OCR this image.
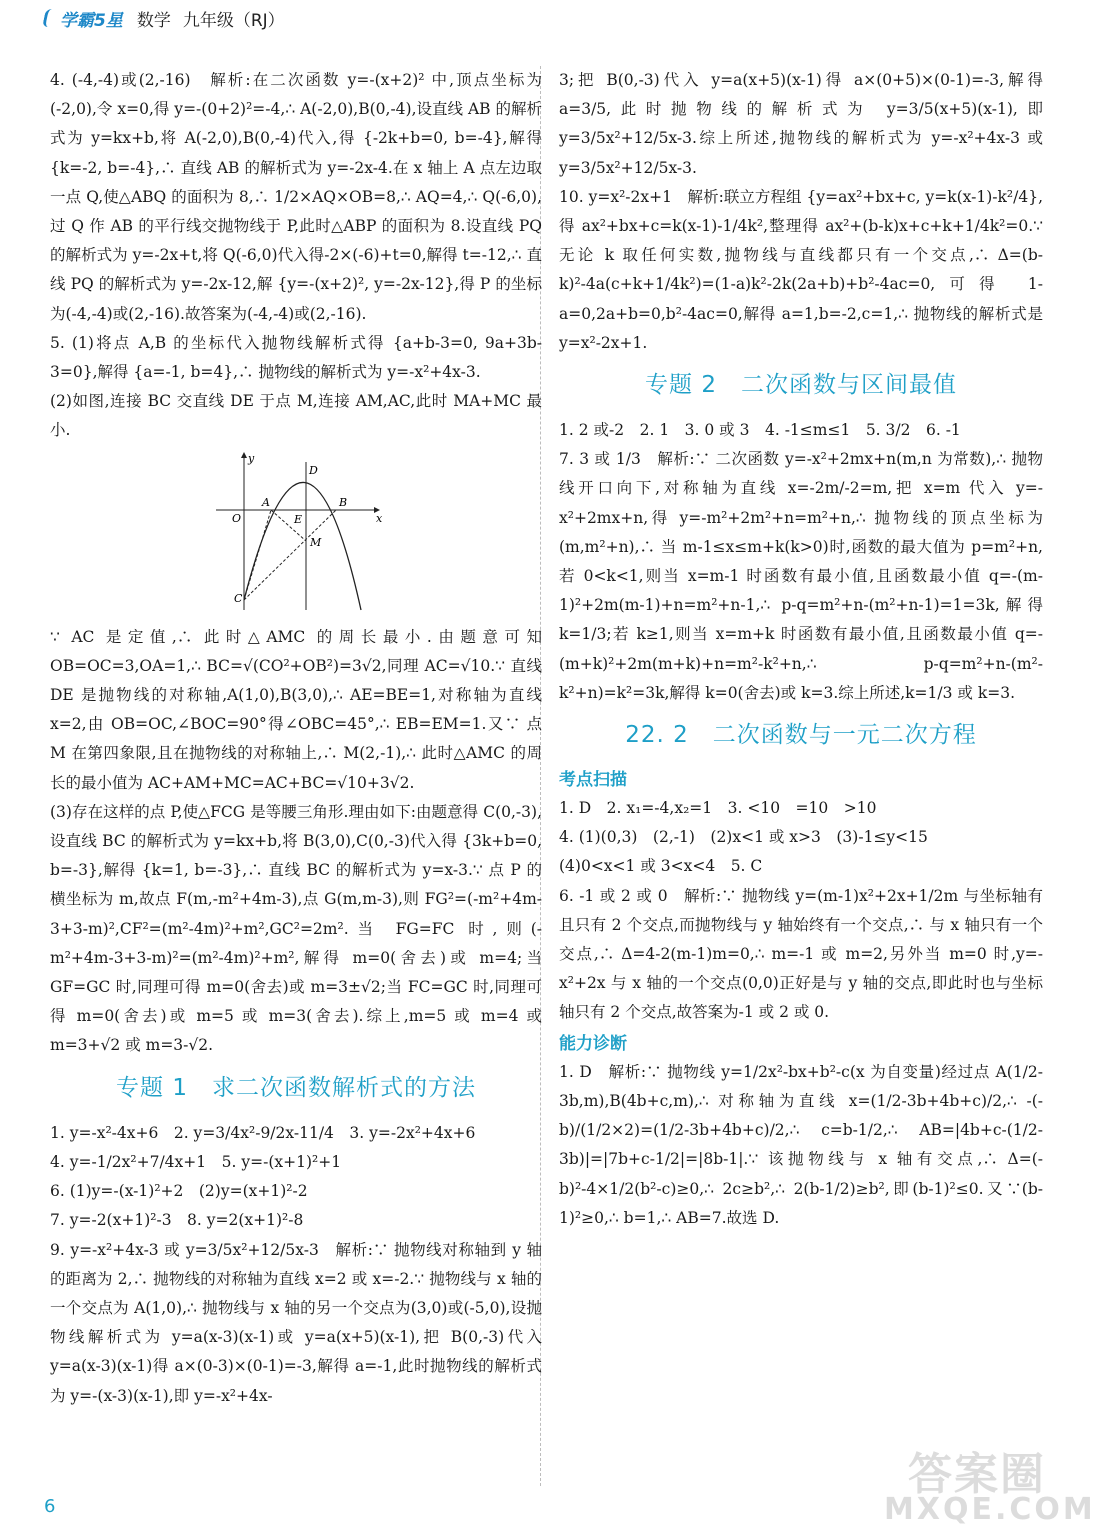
学霸5星 数学 九年级（RJ）

4. (-4,-4)或(2,-16)　解析:在二次函数 y=-(x+2)² 中,顶点坐标为(-2,0),令 x=0,得 y=-(0+2)²=-4,∴ A(-2,0),B(0,-4),设直线 AB 的解析式为 y=kx+b,将 A(-2,0),B(0,-4)代入,得 {-2k+b=0, b=-4},解得 {k=-2, b=-4},∴ 直线 AB 的解析式为 y=-2x-4.在 x 轴上 A 点左边取一点 Q,使△ABQ 的面积为 8,∴ 1/2×AQ×OB=8,∴ AQ=4,∴ Q(-6,0),过 Q 作 AB 的平行线交抛物线于 P,此时△ABP 的面积为 8.设直线 PQ 的解析式为 y=-2x+t,将 Q(-6,0)代入得-2×(-6)+t=0,解得 t=-12,∴ 直线 PQ 的解析式为 y=-2x-12,解 {y=-(x+2)², y=-2x-12},得 P 的坐标为(-4,-4)或(2,-16).故答案为(-4,-4)或(2,-16).

5. (1)将点 A,B 的坐标代入抛物线解析式得 {a+b-3=0, 9a+3b-3=0},解得 {a=-1, b=4},∴ 抛物线的解析式为 y=-x²+4x-3.

(2)如图,连接 BC 交直线 DE 于点 M,连接 AM,AC,此时 MA+MC 最小.

y
x
O
A	B
C
D
E
M

∵ AC 是定值,∴ 此时△AMC 的周长最小.由题意可知 OB=OC=3,OA=1,∴ BC=√(CO²+OB²)=3√2,同理 AC=√10.∵ 直线 DE 是抛物线的对称轴,A(1,0),B(3,0),∴ AE=BE=1,对称轴为直线 x=2,由 OB=OC,∠BOC=90°得∠OBC=45°,∴ EB=EM=1.又∵ 点 M 在第四象限,且在抛物线的对称轴上,∴ M(2,-1),∴ 此时△AMC 的周长的最小值为 AC+AM+MC=AC+BC=√10+3√2.

(3)存在这样的点 P,使△FCG 是等腰三角形.理由如下:由题意得 C(0,-3),设直线 BC 的解析式为 y=kx+b,将 B(3,0),C(0,-3)代入得 {3k+b=0, b=-3},解得 {k=1, b=-3},∴ 直线 BC 的解析式为 y=x-3.∵ 点 P 的横坐标为 m,故点 F(m,-m²+4m-3),点 G(m,m-3),则 FG²=(-m²+4m-3+3-m)²,CF²=(m²-4m)²+m²,GC²=2m².当 FG=FC 时,则(-m²+4m-3+3-m)²=(m²-4m)²+m²,解得 m=0(舍去)或 m=4;当 GF=GC 时,同理可得 m=0(舍去)或 m=3±√2;当 FC=GC 时,同理可得 m=0(舍去)或 m=5 或 m=3(舍去).综上,m=5 或 m=4 或 m=3+√2 或 m=3-√2.

专题 1　求二次函数解析式的方法

1. y=-x²-4x+6　2. y=3/4x²-9/2x-11/4　3. y=-2x²+4x+6

4. y=-1/2x²+7/4x+1　5. y=-(x+1)²+1

6. (1)y=-(x-1)²+2　(2)y=(x+1)²-2

7. y=-2(x+1)²-3　8. y=2(x+1)²-8

9. y=-x²+4x-3 或 y=3/5x²+12/5x-3　解析:∵ 抛物线对称轴到 y 轴的距离为 2,∴ 抛物线的对称轴为直线 x=2 或 x=-2.∵ 抛物线与 x 轴的一个交点为 A(1,0),∴ 抛物线与 x 轴的另一个交点为(3,0)或(-5,0),设抛物线解析式为 y=a(x-3)(x-1)或 y=a(x+5)(x-1),把 B(0,-3)代入 y=a(x-3)(x-1)得 a×(0-3)×(0-1)=-3,解得 a=-1,此时抛物线的解析式为 y=-(x-3)(x-1),即 y=-x²+4x-

3;把 B(0,-3)代入 y=a(x+5)(x-1)得 a×(0+5)×(0-1)=-3,解得 a=3/5,此时抛物线的解析式为 y=3/5(x+5)(x-1),即 y=3/5x²+12/5x-3.综上所述,抛物线的解析式为 y=-x²+4x-3 或 y=3/5x²+12/5x-3.

10. y=x²-2x+1　解析:联立方程组 {y=ax²+bx+c, y=k(x-1)-k²/4},得 ax²+bx+c=k(x-1)-1/4k²,整理得 ax²+(b-k)x+c+k+1/4k²=0.∵ 无论 k 取任何实数,抛物线与直线都只有一个交点,∴ Δ=(b-k)²-4a(c+k+1/4k²)=(1-a)k²-2k(2a+b)+b²-4ac=0,可得 1-a=0,2a+b=0,b²-4ac=0,解得 a=1,b=-2,c=1,∴ 抛物线的解析式是 y=x²-2x+1.

专题 2　二次函数与区间最值

1. 2 或-2　2. 1　3. 0 或 3　4. -1≤m≤1　5. 3/2　6. -1

7. 3 或 1/3　解析:∵ 二次函数 y=-x²+2mx+n(m,n 为常数),∴ 抛物线开口向下,对称轴为直线 x=-2m/-2=m,把 x=m 代入 y=-x²+2mx+n,得 y=-m²+2m²+n=m²+n,∴ 抛物线的顶点坐标为(m,m²+n),∴ 当 m-1≤x≤m+k(k>0)时,函数的最大值为 p=m²+n,若 0<k<1,则当 x=m-1 时函数有最小值,且函数最小值 q=-(m-1)²+2m(m-1)+n=m²+n-1,∴ p-q=m²+n-(m²+n-1)=1=3k,解得 k=1/3;若 k≥1,则当 x=m+k 时函数有最小值,且函数最小值 q=-(m+k)²+2m(m+k)+n=m²-k²+n,∴ p-q=m²+n-(m²-k²+n)=k²=3k,解得 k=0(舍去)或 k=3.综上所述,k=1/3 或 k=3.

22. 2　二次函数与一元二次方程
考点扫描

1. D　2. x₁=-4,x₂=1　3. <10　=10　>10

4. (1)(0,3)　(2,-1)　(2)x<1 或 x>3　(3)-1≤y<15

(4)0<x<1 或 3<x<4　5. C

6. -1 或 2 或 0　解析:∵ 抛物线 y=(m-1)x²+2x+1/2m 与坐标轴有且只有 2 个交点,而抛物线与 y 轴始终有一个交点,∴ 与 x 轴只有一个交点,∴ Δ=4-2(m-1)m=0,∴ m=-1 或 m=2,另外当 m=0 时,y=-x²+2x 与 x 轴的一个交点(0,0)正好是与 y 轴的交点,即此时也与坐标轴只有 2 个交点,故答案为-1 或 2 或 0.

能力诊断

1. D　解析:∵ 抛物线 y=1/2x²-bx+b²-c(x 为自变量)经过点 A(1/2-3b,m),B(4b+c,m),∴ 对称轴为直线 x=(1/2-3b+4b+c)/2,∴ -(-b)/(1/2×2)=(1/2-3b+4b+c)/2,∴ c=b-1/2,∴ AB=|4b+c-(1/2-3b)|=|7b+c-1/2|=|8b-1|.∵ 该抛物线与 x 轴有交点,∴ Δ=(-b)²-4×1/2(b²-c)≥0,∴ 2c≥b²,∴ 2(b-1/2)≥b²,即(b-1)²≤0.又∵(b-1)²≥0,∴ b=1,∴ AB=7.故选 D.

6
答案圈
MXQE.COM
